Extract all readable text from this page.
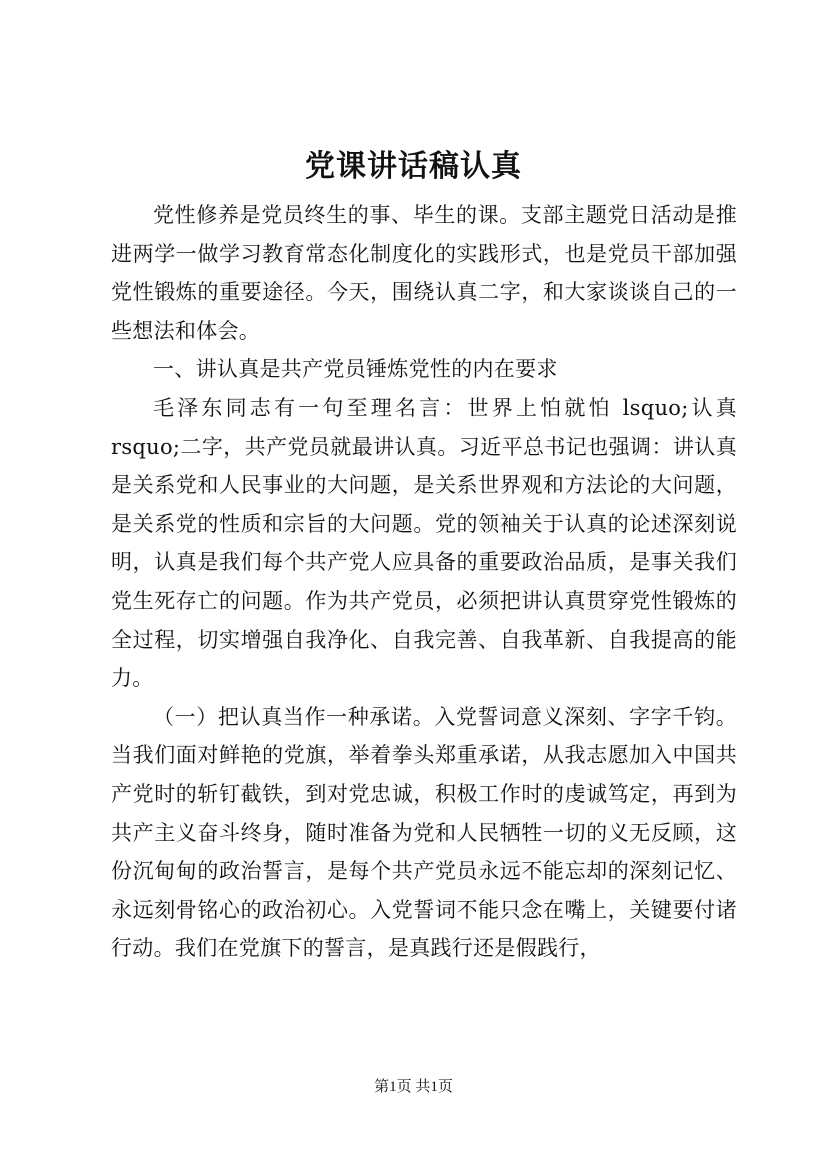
党课讲话稿认真

党性修养是党员终生的事、毕生的课。支部主题党日活动是推进两学一做学习教育常态化制度化的实践形式，也是党员干部加强党性锻炼的重要途径。今天，围绕认真二字，和大家谈谈自己的一些想法和体会。

一、讲认真是共产党员锤炼党性的内在要求

毛泽东同志有一句至理名言：世界上怕就怕 lsquo;认真rsquo;二字，共产党员就最讲认真。习近平总书记也强调：讲认真是关系党和人民事业的大问题，是关系世界观和方法论的大问题，是关系党的性质和宗旨的大问题。党的领袖关于认真的论述深刻说明，认真是我们每个共产党人应具备的重要政治品质，是事关我们党生死存亡的问题。作为共产党员，必须把讲认真贯穿党性锻炼的全过程，切实增强自我净化、自我完善、自我革新、自我提高的能力。

（一）把认真当作一种承诺。入党誓词意义深刻、字字千钧。当我们面对鲜艳的党旗，举着拳头郑重承诺，从我志愿加入中国共产党时的斩钉截铁，到对党忠诚，积极工作时的虔诚笃定，再到为共产主义奋斗终身，随时准备为党和人民牺牲一切的义无反顾，这份沉甸甸的政治誓言，是每个共产党员永远不能忘却的深刻记忆、永远刻骨铭心的政治初心。入党誓词不能只念在嘴上，关键要付诸行动。我们在党旗下的誓言，是真践行还是假践行，

第1页 共1页
